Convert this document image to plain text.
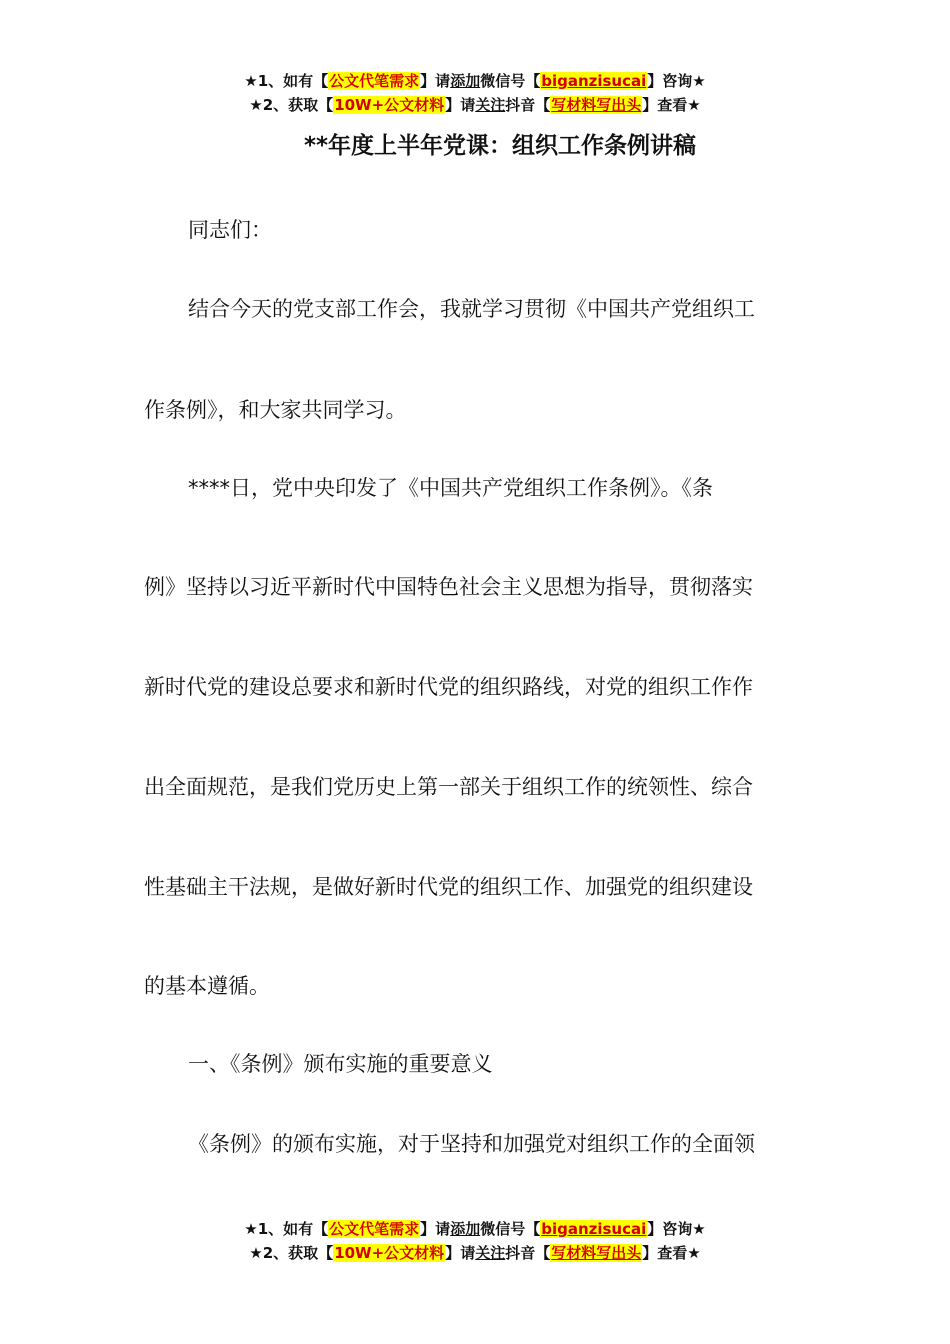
★1、如有【公文代笔需求】请添加微信号【biganzisucai】咨询★
★2、获取【10W+公文材料】请关注抖音【写材料写出头】查看★
**年度上半年党课：组织工作条例讲稿
同志们：
结合今天的党支部工作会，我就学习贯彻《中国共产党组织工
作条例》，和大家共同学习。
****日，党中央印发了《中国共产党组织工作条例》。《条
例》坚持以习近平新时代中国特色社会主义思想为指导，贯彻落实
新时代党的建设总要求和新时代党的组织路线，对党的组织工作作
出全面规范，是我们党历史上第一部关于组织工作的统领性、综合
性基础主干法规，是做好新时代党的组织工作、加强党的组织建设
的基本遵循。
一、《条例》颁布实施的重要意义
《条例》的颁布实施，对于坚持和加强党对组织工作的全面领
★1、如有【公文代笔需求】请添加微信号【biganzisucai】咨询★
★2、获取【10W+公文材料】请关注抖音【写材料写出头】查看★
